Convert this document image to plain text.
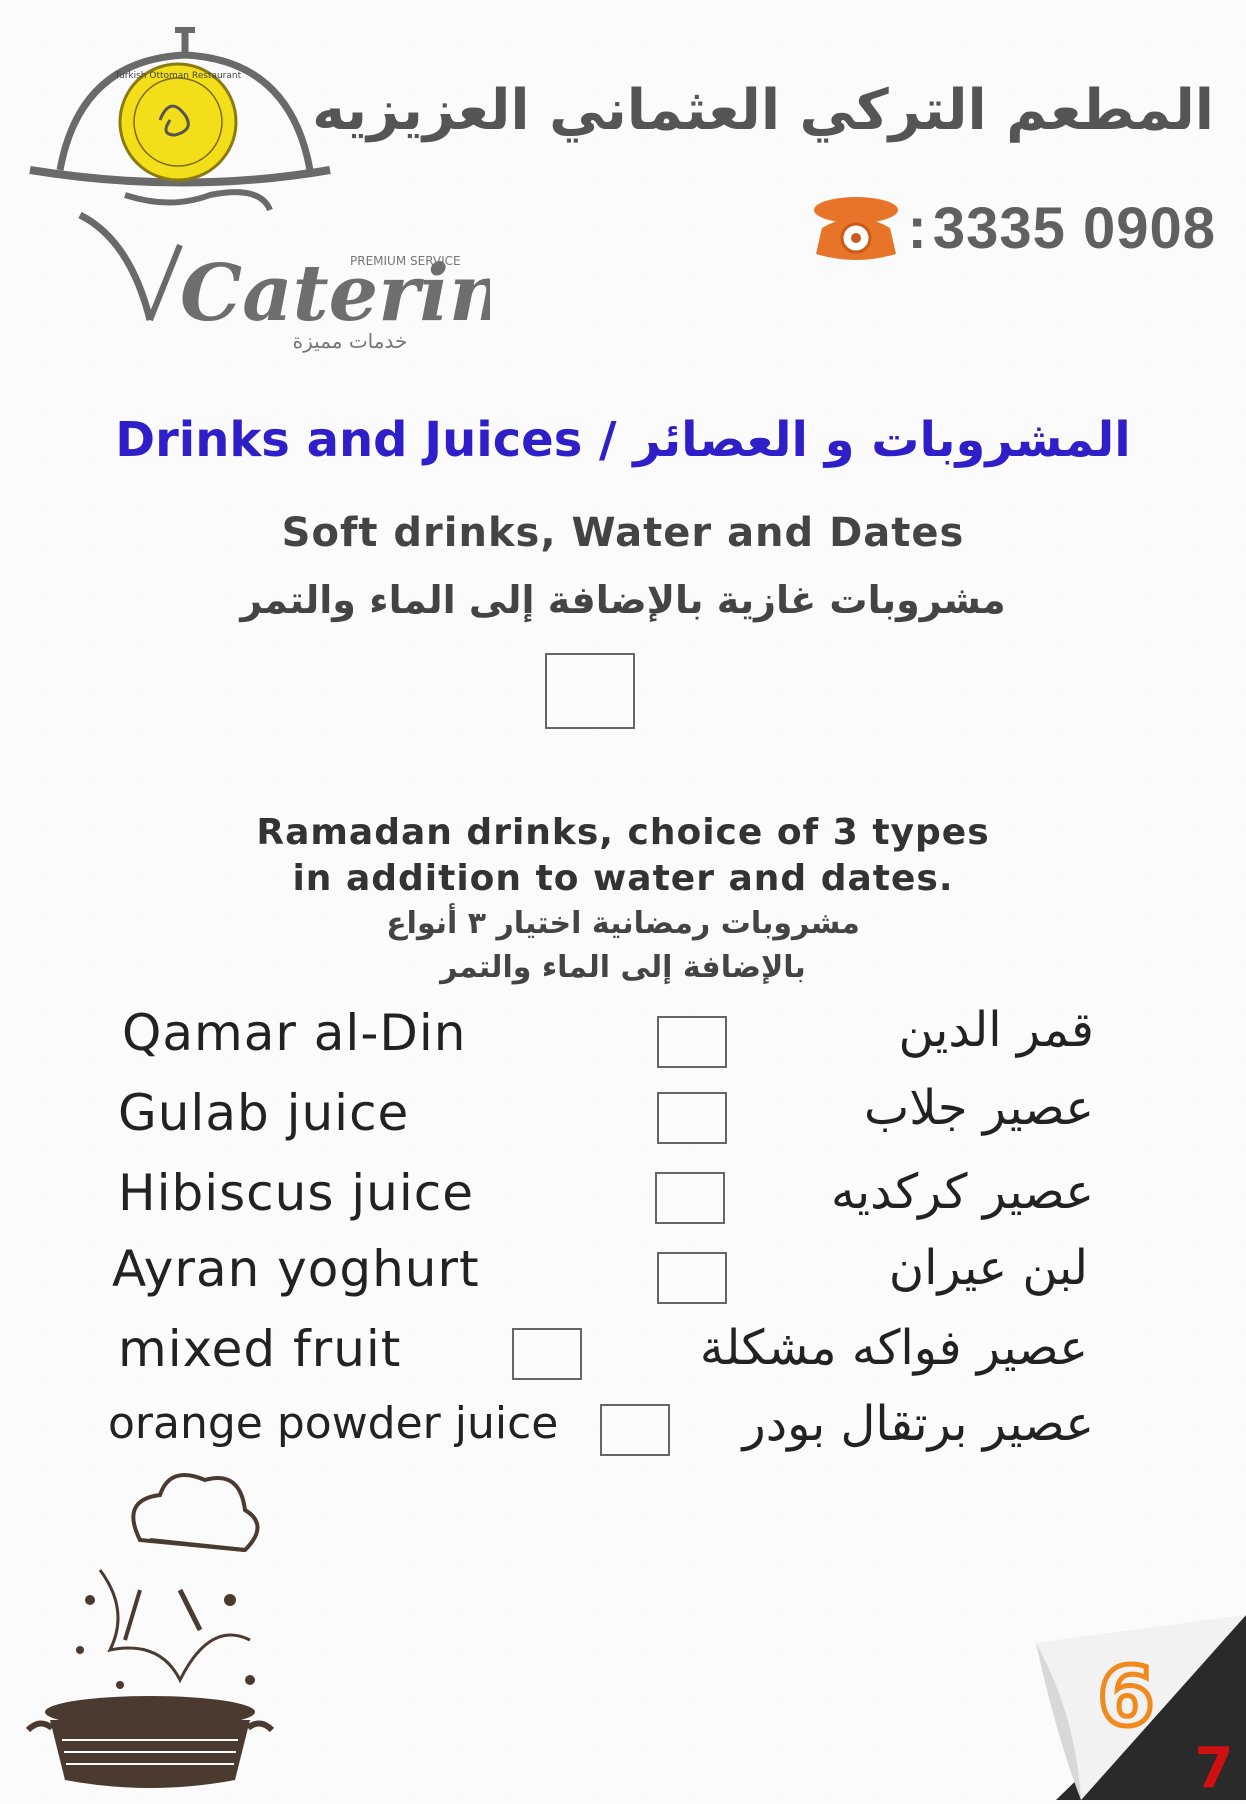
Turkish Ottoman Restaurant
Cateri
PREMIUM SERVICE
خدمات مميزة
المطعم التركي العثماني العزيزيه
: 3335 0908
Drinks and Juices / المشروبات و العصائر
Soft drinks, Water and Dates
مشروبات غازية بالإضافة إلى الماء والتمر
Ramadan drinks, choice of 3 types
in addition to water and dates.
مشروبات رمضانية اختيار ٣ أنواع
بالإضافة إلى الماء والتمر
Qamar al-Din	قمر الدين
Gulab juice	عصير جلاب
Hibiscus juice	عصير كركديه
Ayran yoghurt	لبن عيران
mixed fruit	عصير فواكه مشكلة
orange powder juice	عصير برتقال بودر
6
7
